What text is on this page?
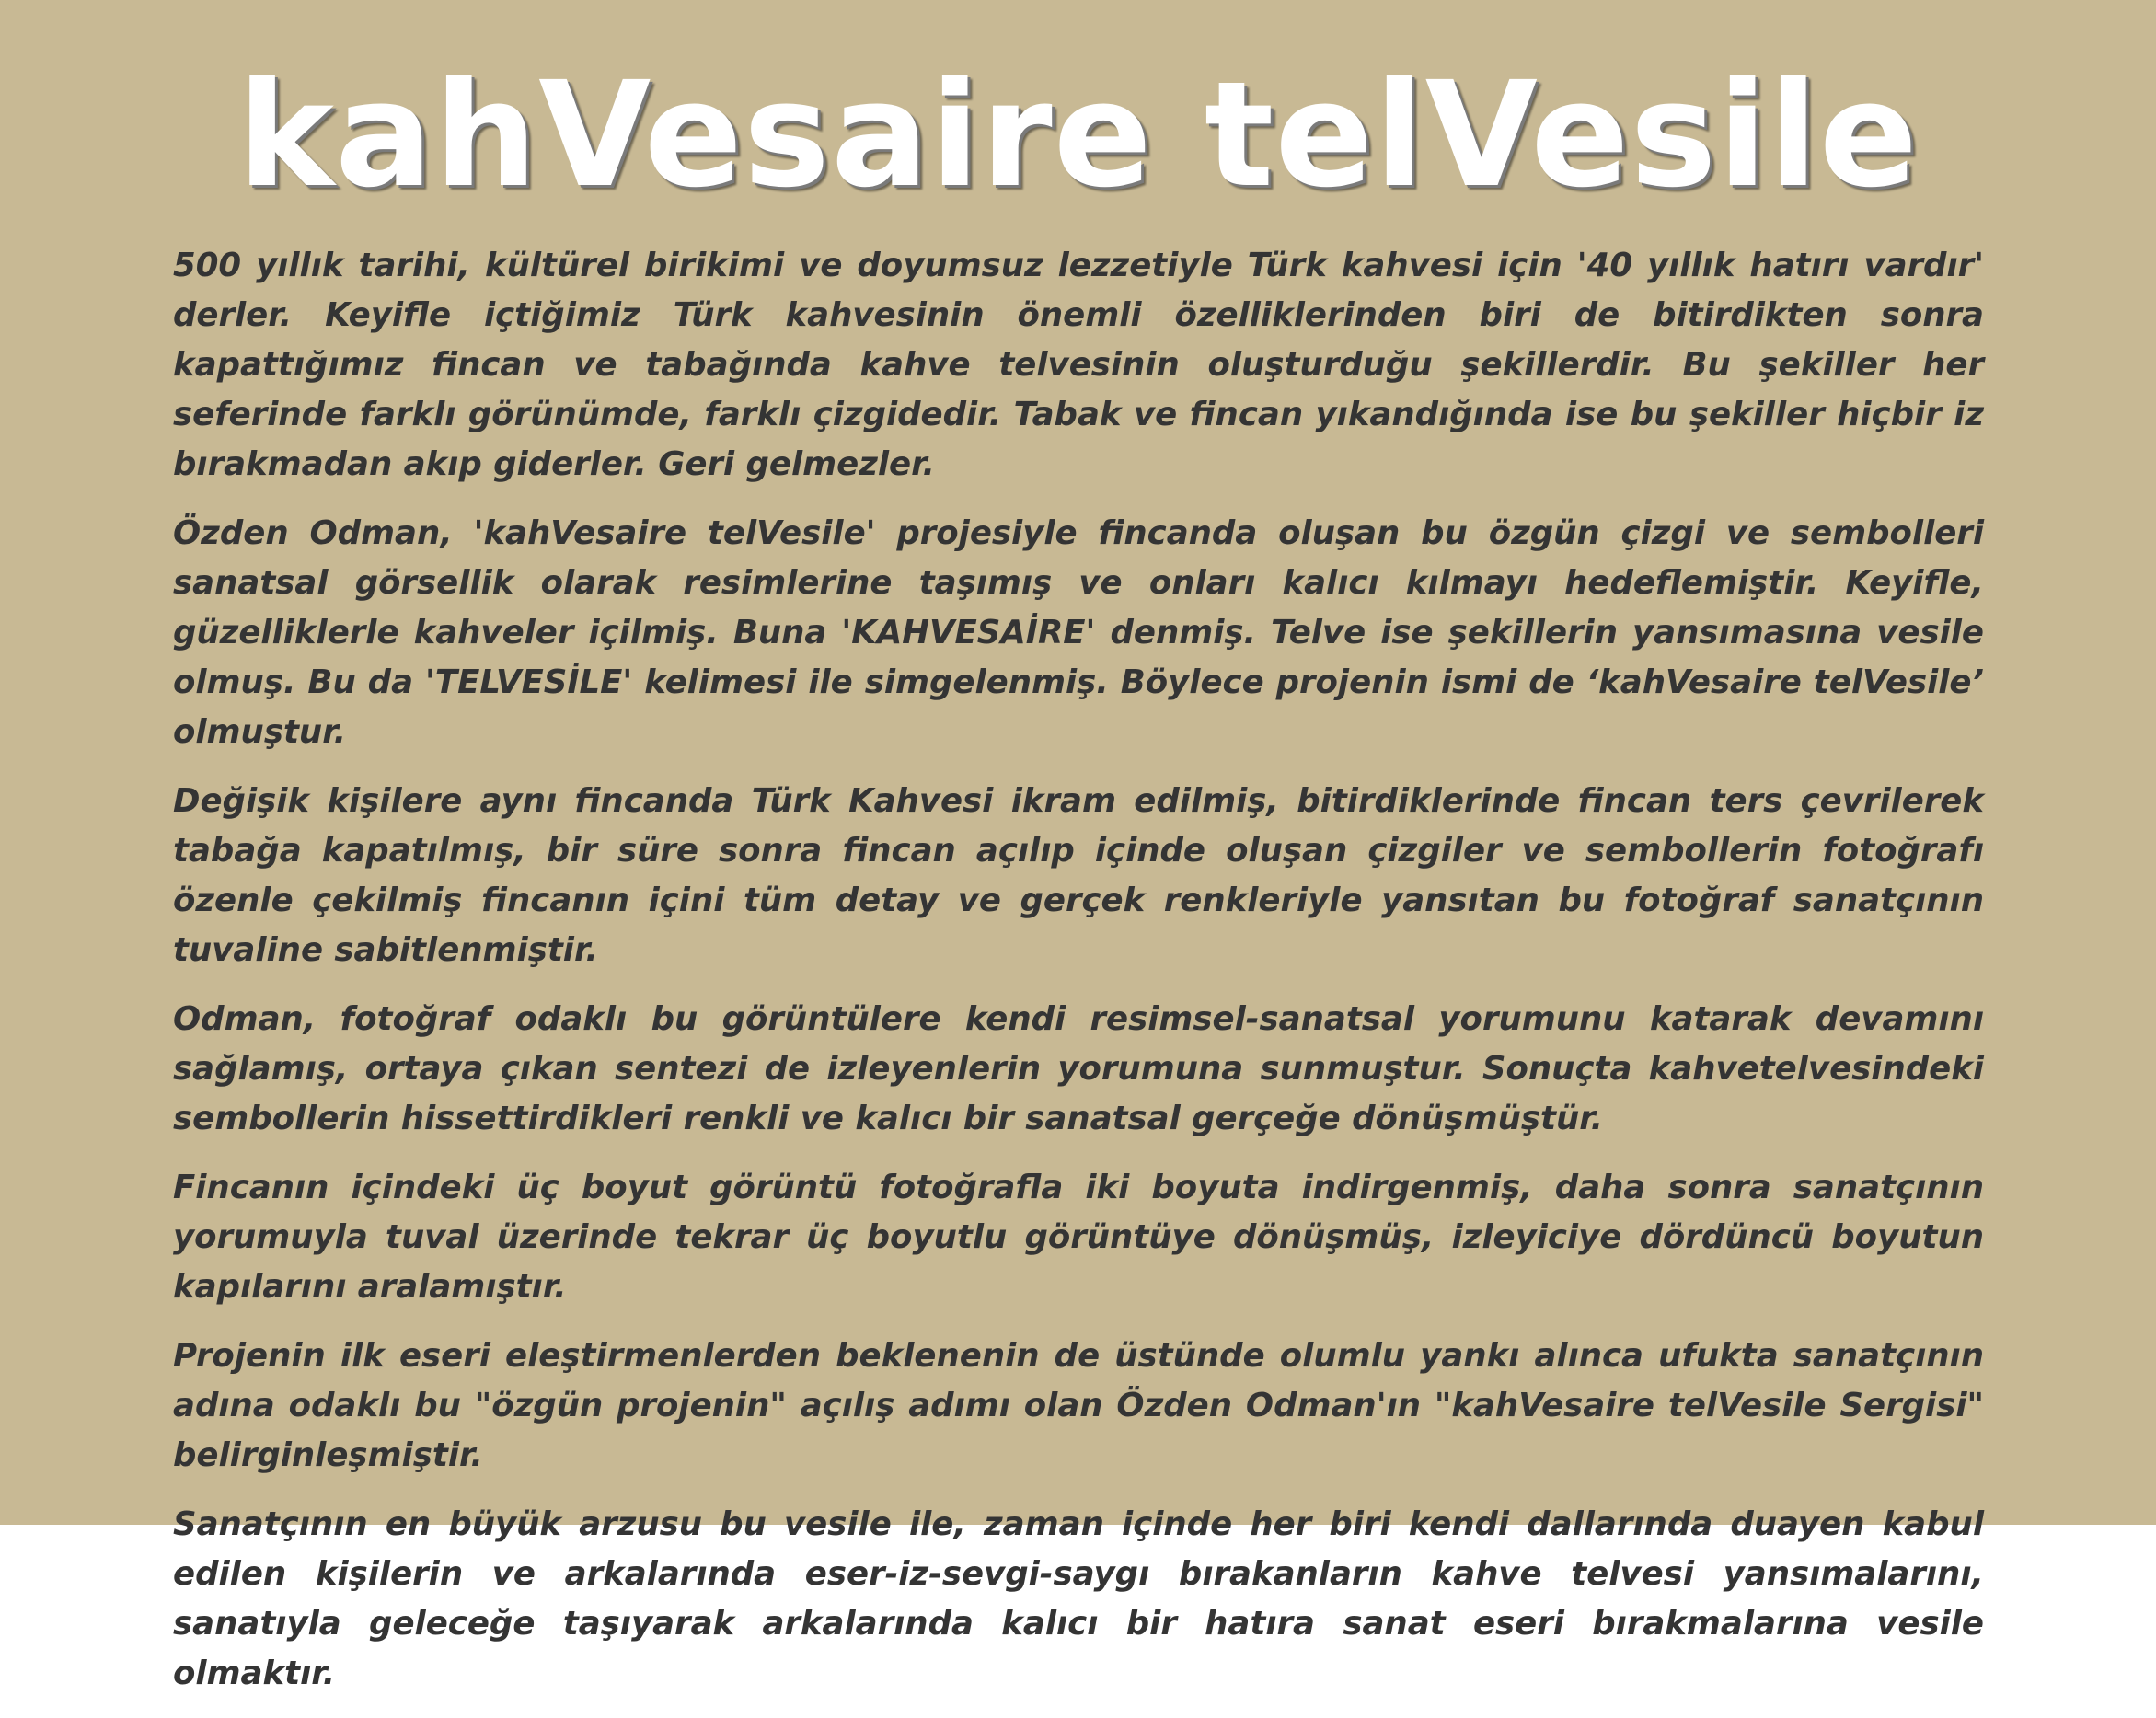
kahVesaire telVesile

500 yıllık tarihi, kültürel birikimi ve doyumsuz lezzetiyle Türk kahvesi için '40 yıllık hatırı vardır' derler. Keyifle içtiğimiz Türk kahvesinin önemli özelliklerinden biri de bitirdikten sonra kapattığımız fincan ve tabağında kahve telvesinin oluşturduğu şekillerdir. Bu şekiller her seferinde farklı görünümde, farklı çizgidedir. Tabak ve fincan yıkandığında ise bu şekiller hiçbir iz bırakmadan akıp giderler. Geri gelmezler.

Özden Odman, 'kahVesaire telVesile' projesiyle fincanda oluşan bu özgün çizgi ve sembolleri sanatsal görsellik olarak resimlerine taşımış ve onları kalıcı kılmayı hedeflemiştir. Keyifle, güzelliklerle kahveler içilmiş. Buna 'KAHVESAİRE' denmiş. Telve ise şekillerin yansımasına vesile olmuş. Bu da 'TELVESİLE' kelimesi ile simgelenmiş. Böylece projenin ismi de ‘kahVesaire telVesile’ olmuştur.

Değişik kişilere aynı fincanda Türk Kahvesi ikram edilmiş, bitirdiklerinde fincan ters çevrilerek tabağa kapatılmış, bir süre sonra fincan açılıp içinde oluşan çizgiler ve sembollerin fotoğrafı özenle çekilmiş fincanın içini tüm detay ve gerçek renkleriyle yansıtan bu fotoğraf sanatçının tuvaline sabitlenmiştir.

Odman, fotoğraf odaklı bu görüntülere kendi resimsel-sanatsal yorumunu katarak devamını sağlamış, ortaya çıkan sentezi de izleyenlerin yorumuna sunmuştur. Sonuçta kahvetelvesindeki sembollerin hissettirdikleri renkli ve kalıcı bir sanatsal gerçeğe dönüşmüştür.

Fincanın içindeki üç boyut görüntü fotoğrafla iki boyuta indirgenmiş, daha sonra sanatçının yorumuyla tuval üzerinde tekrar üç boyutlu görüntüye dönüşmüş, izleyiciye dördüncü boyutun kapılarını aralamıştır.

Projenin ilk eseri eleştirmenlerden beklenenin de üstünde olumlu yankı alınca ufukta sanatçının adına odaklı bu "özgün projenin" açılış adımı olan Özden Odman'ın "kahVesaire telVesile Sergisi" belirginleşmiştir.

Sanatçının en büyük arzusu bu vesile ile, zaman içinde her biri kendi dallarında duayen kabul edilen kişilerin ve arkalarında eser-iz-sevgi-saygı bırakanların kahve telvesi yansımalarını, sanatıyla geleceğe taşıyarak arkalarında kalıcı bir hatıra sanat eseri bırakmalarına vesile olmaktır.
